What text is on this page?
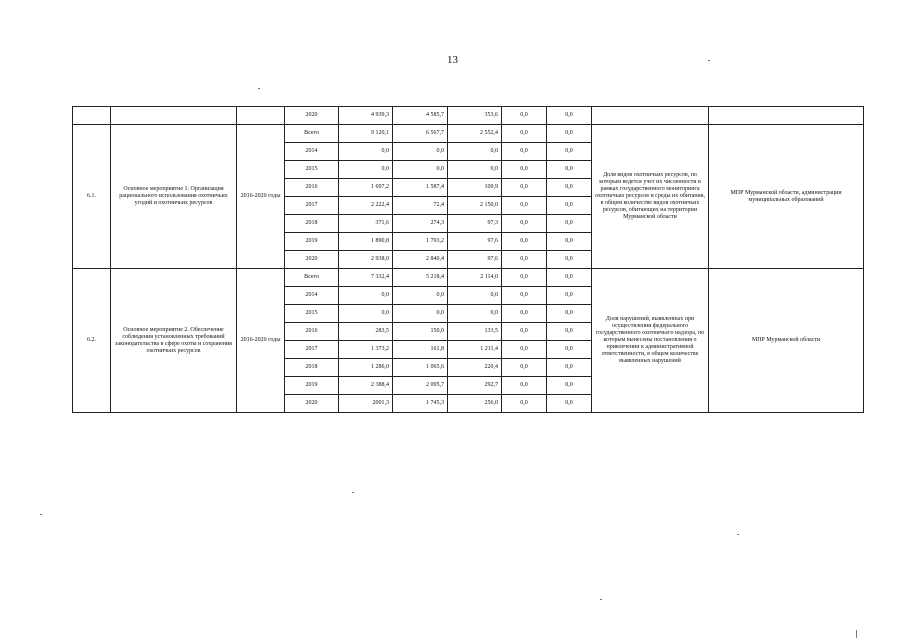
13
			2020	4 939,3	4 585,7	353,6	0,0	0,0		
6.1.	Основное мероприятие 1. Организация рационального использования охотничьих угодий и охотничьих ресурсов	2016-2020 годы	Всего	9 120,1	6 567,7	2 552,4	0,0	0,0	Доля видов охотничьих ресурсов, по которым ведется учет их численности в рамках государственного мониторинга охотничьих ресурсов и среды их обитания, в общем количестве видов охотничьих ресурсов, обитающих на территории Мурманской области	МПР Мурманской области, администрации муниципальных образований
			2014	0,0	0,0	0,0	0,0	0,0		
			2015	0,0	0,0	0,0	0,0	0,0		
			2016	1 697,2	1 587,4	109,9	0,0	0,0		
			2017	2 222,4	72,4	2 150,0	0,0	0,0		
			2018	371,6	274,3	97,3	0,0	0,0		
			2019	1 890,8	1 793,2	97,6	0,0	0,0		
			2020	2 938,0	2 840,4	97,6	0,0	0,0		
6.2.	Основное мероприятие 2. Обеспечение соблюдения установленных требований законодательства в сфере охоты и сохранения охотничьих ресурсов	2016-2020 годы	Всего	7 332,4	5 218,4	2 114,0	0,0	0,0	Доля нарушений, выявленных при осуществлении федерального государственного охотничьего надзора, по которым вынесены постановления о привлечении к административной ответственности, в общем количестве выявленных нарушений	МПР Мурманской области
			2014	0,0	0,0	0,0	0,0	0,0		
			2015	0,0	0,0	0,0	0,0	0,0		
			2016	283,5	150,0	133,5	0,0	0,0		
			2017	1 373,2	161,8	1 211,4	0,0	0,0		
			2018	1 286,0	1 065,6	220,4	0,0	0,0		
			2019	2 388,4	2 095,7	292,7	0,0	0,0		
			2020	2001,3	1 745,3	256,0	0,0	0,0		
